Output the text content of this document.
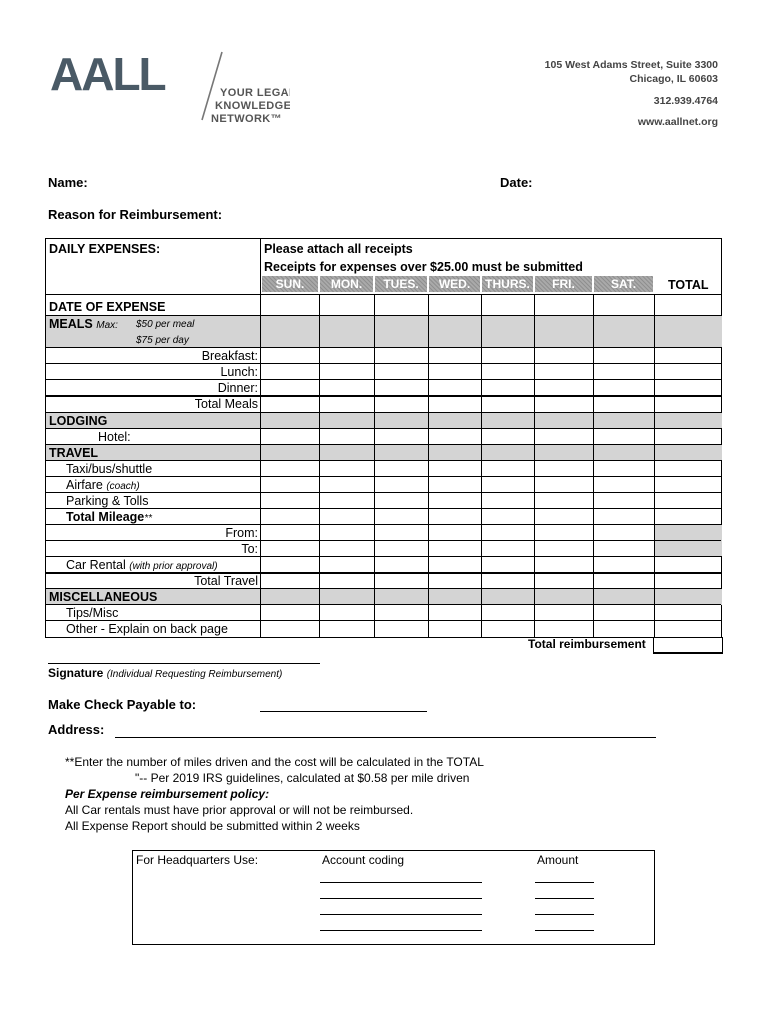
AALL	YOUR LEGAL
KNOWLEDGE
NETWORK™
105 West Adams Street, Suite 3300
Chicago, IL 60603
312.939.4764
www.aallnet.org
Name:	Date:
Reason for Reimbursement:
SUN.	MON.	TUES.	WED.	THURS.	FRI.	SAT.	TOTAL
DAILY EXPENSES:	Please attach all receipts
Receipts for expenses over $25.00 must be submitted
DATE OF EXPENSE
MEALS Max: $50 per meal
$75 per day
Breakfast:
Lunch:
Dinner:
Total Meals
LODGING
Hotel:
TRAVEL
Taxi/bus/shuttle
Airfare (coach)
Parking & Tolls
Total Mileage**
From:
To:
Car Rental (with prior approval)
Total Travel
MISCELLANEOUS
Tips/Misc
Other - Explain on back page
Total reimbursement
Signature (Individual Requesting Reimbursement)
Make Check Payable to:
Address:
**Enter the number of miles driven and the cost will be calculated in the TOTAL
"-- Per 2019 IRS guidelines, calculated at $0.58 per mile driven
Per Expense reimbursement policy:
All Car rentals must have prior approval or will not be reimbursed.
All Expense Report should be submitted within 2 weeks
For Headquarters Use:	Account coding	Amount
